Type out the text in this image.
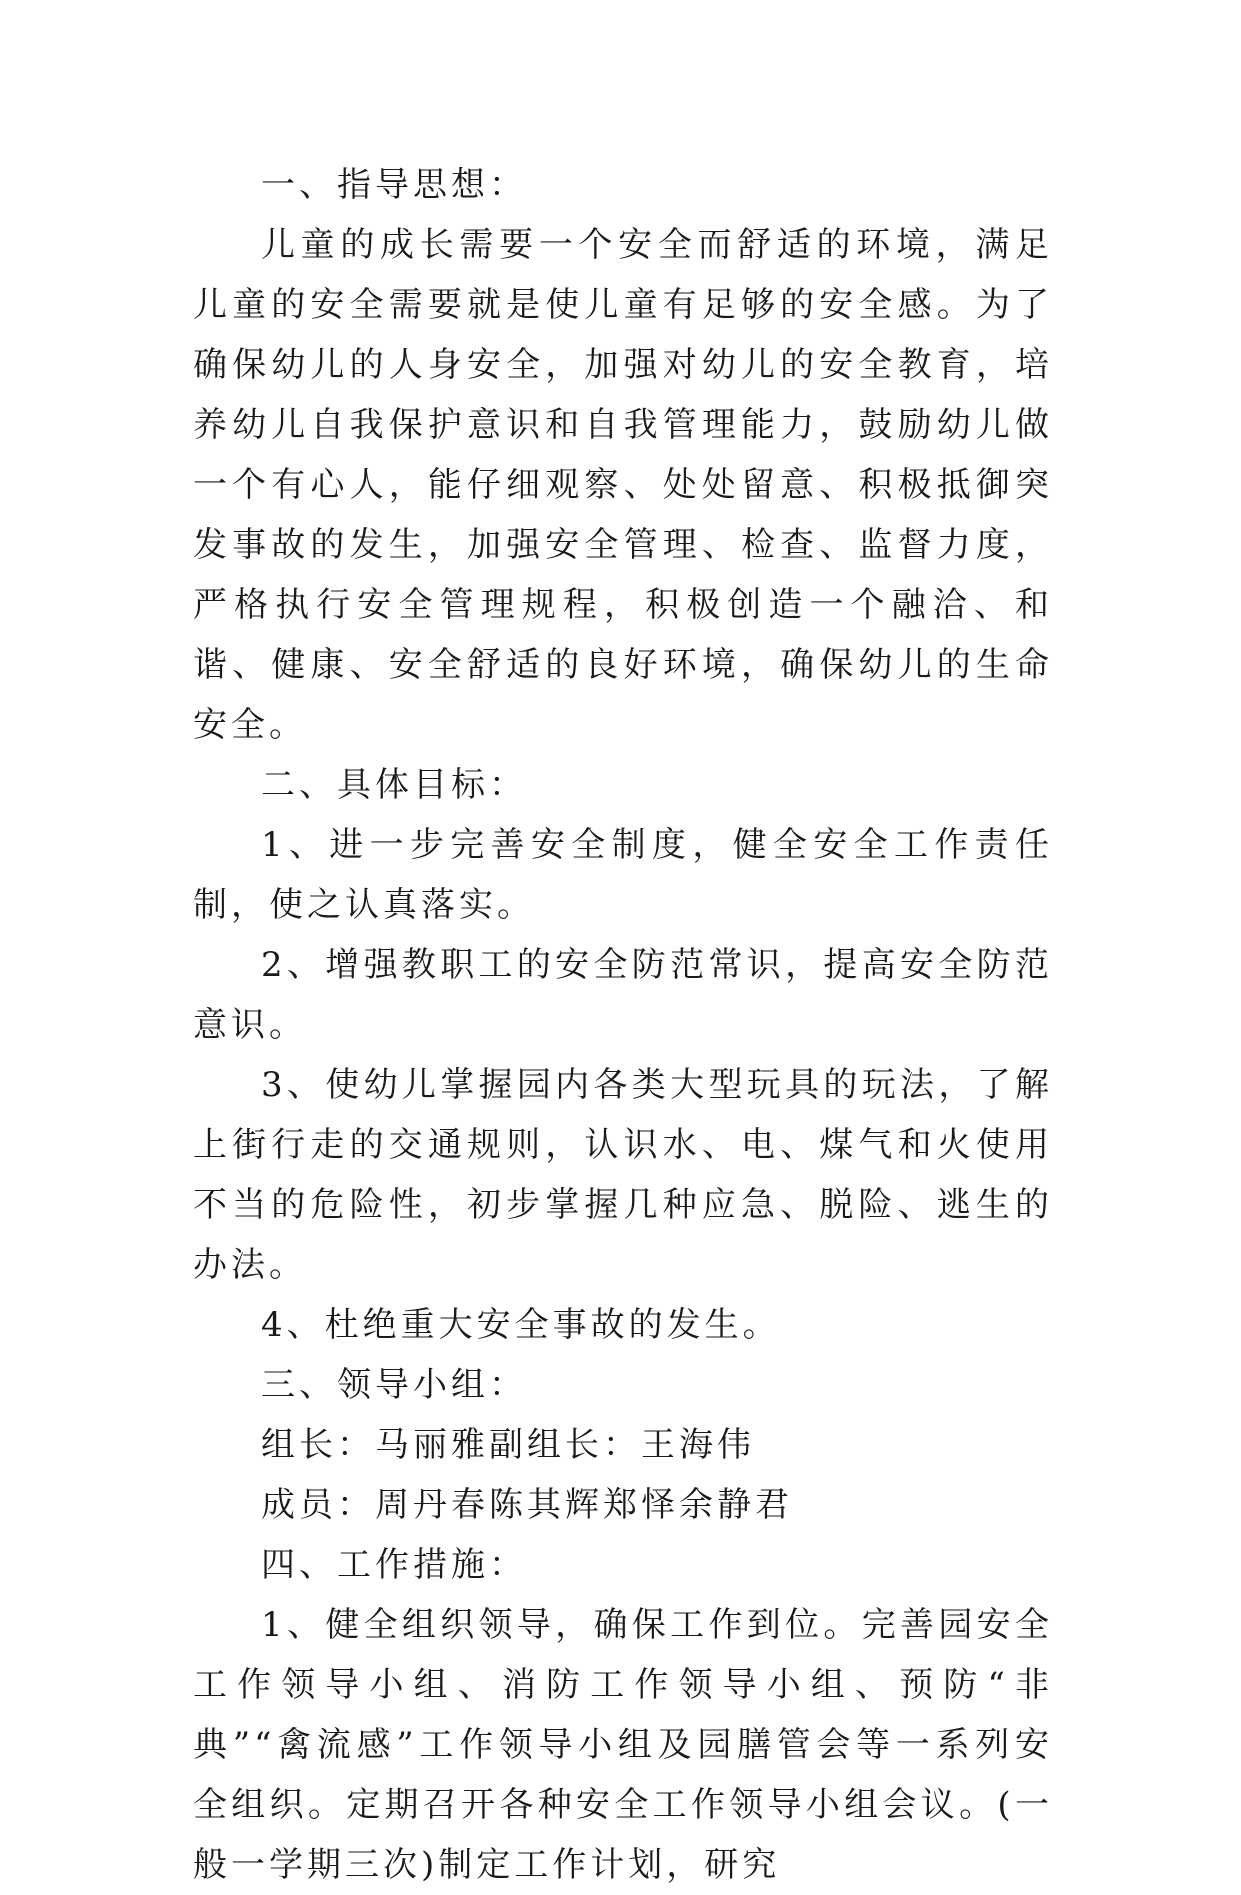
一、指导思想：

儿童的成长需要一个安全而舒适的环境，满足儿童的安全需要就是使儿童有足够的安全感。为了确保幼儿的人身安全，加强对幼儿的安全教育，培养幼儿自我保护意识和自我管理能力，鼓励幼儿做一个有心人，能仔细观察、处处留意、积极抵御突发事故的发生，加强安全管理、检查、监督力度，严格执行安全管理规程，积极创造一个融洽、和谐、健康、安全舒适的良好环境，确保幼儿的生命安全。

二、具体目标：

1、进一步完善安全制度，健全安全工作责任制，使之认真落实。

2、增强教职工的安全防范常识，提高安全防范意识。

3、使幼儿掌握园内各类大型玩具的玩法，了解上街行走的交通规则，认识水、电、煤气和火使用不当的危险性，初步掌握几种应急、脱险、逃生的办法。

4、杜绝重大安全事故的发生。

三、领导小组：

组长：马丽雅副组长：王海伟

成员：周丹春陈其辉郑怿余静君

四、工作措施：

1、健全组织领导，确保工作到位。完善园安全工作领导小组、消防工作领导小组、预防“非典”“禽流感”工作领导小组及园膳管会等一系列安全组织。定期召开各种安全工作领导小组会议。(一般一学期三次)制定工作计划，研究
